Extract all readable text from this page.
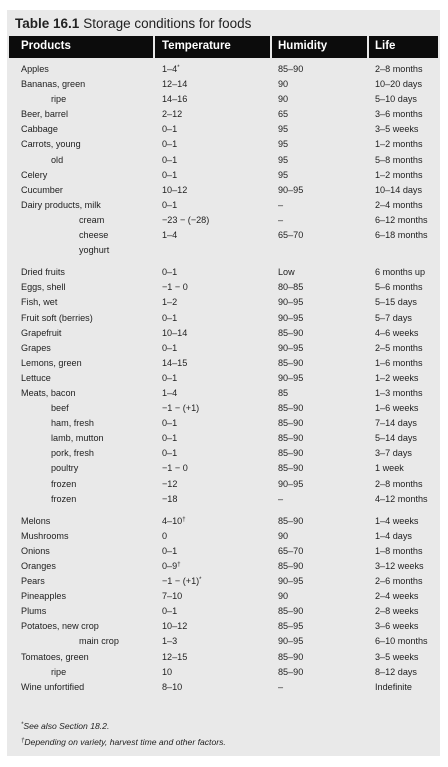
Table 16.1 Storage conditions for foods
Products	Temperature	Humidity	Life
Apples	1–4*	85–90	2–8 months
Bananas, green	12–14	90	10–20 days
ripe	14–16	90	5–10 days
Beer, barrel	2–12	65	3–6 months
Cabbage	0–1	95	3–5 weeks
Carrots, young	0–1	95	1–2 months
old	0–1	95	5–8 months
Celery	0–1	95	1–2 months
Cucumber	10–12	90–95	10–14 days
Dairy products, milk	0–1	–	2–4 months
cream	−23 − (−28)	–	6–12 months
cheese	1–4	65–70	6–18 months
yoghurt
Dried fruits	0–1	Low	6 months up
Eggs, shell	−1 − 0	80–85	5–6 months
Fish, wet	1–2	90–95	5–15 days
Fruit soft (berries)	0–1	90–95	5–7 days
Grapefruit	10–14	85–90	4–6 weeks
Grapes	0–1	90–95	2–5 months
Lemons, green	14–15	85–90	1–6 months
Lettuce	0–1	90–95	1–2 weeks
Meats, bacon	1–4	85	1–3 months
beef	−1 − (+1)	85–90	1–6 weeks
ham, fresh	0–1	85–90	7–14 days
lamb, mutton	0–1	85–90	5–14 days
pork, fresh	0–1	85–90	3–7 days
poultry	−1 − 0	85–90	1 week
frozen	−12	90–95	2–8 months
frozen	−18	–	4–12 months
Melons	4–10†	85–90	1–4 weeks
Mushrooms	0	90	1–4 days
Onions	0–1	65–70	1–8 months
Oranges	0–9†	85–90	3–12 weeks
Pears	−1 − (+1)*	90–95	2–6 months
Pineapples	7–10	90	2–4 weeks
Plums	0–1	85–90	2–8 weeks
Potatoes, new crop	10–12	85–95	3–6 weeks
main crop	1–3	90–95	6–10 months
Tomatoes, green	12–15	85–90	3–5 weeks
ripe	10	85–90	8–12 days
Wine unfortified	8–10	–	Indefinite
*See also Section 18.2.
†Depending on variety, harvest time and other factors.
